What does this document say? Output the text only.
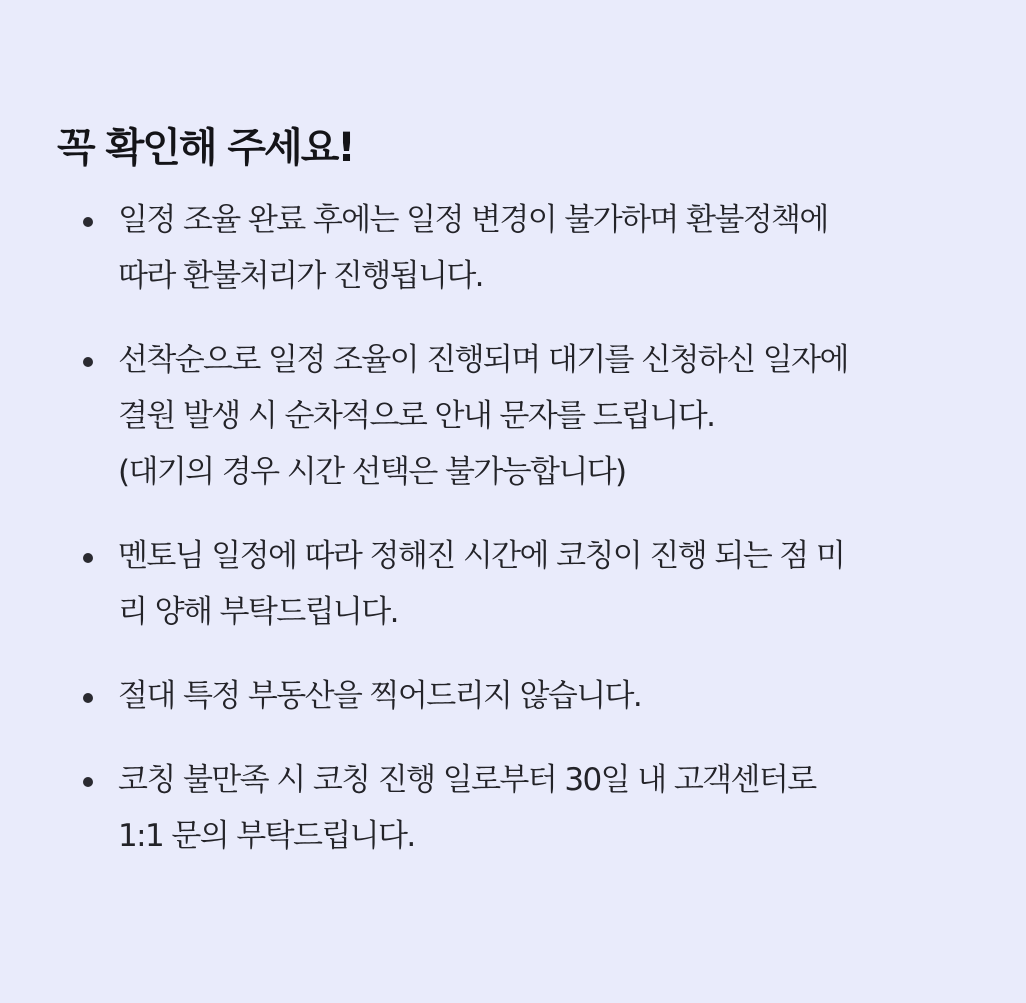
꼭 확인해 주세요!
일정 조율 완료 후에는 일정 변경이 불가하며 환불정책에
따라 환불처리가 진행됩니다.
선착순으로 일정 조율이 진행되며 대기를 신청하신 일자에
결원 발생 시 순차적으로 안내 문자를 드립니다.
(대기의 경우 시간 선택은 불가능합니다)
멘토님 일정에 따라 정해진 시간에 코칭이 진행 되는 점 미
리 양해 부탁드립니다.
절대 특정 부동산을 찍어드리지 않습니다.
코칭 불만족 시 코칭 진행 일로부터 30일 내 고객센터로
1:1 문의 부탁드립니다.
